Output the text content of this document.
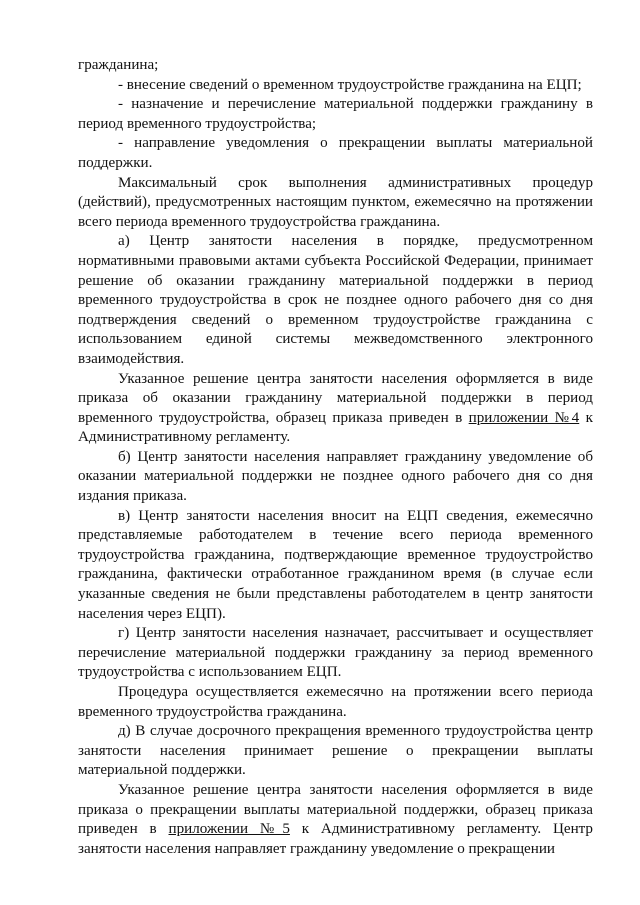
гражданина;

- внесение сведений о временном трудоустройстве гражданина на ЕЦП;

- назначение и перечисление материальной поддержки гражданину в период временного трудоустройства;

- направление уведомления о прекращении выплаты материальной поддержки.

Максимальный срок выполнения административных процедур (действий), предусмотренных настоящим пунктом, ежемесячно на протяжении всего периода временного трудоустройства гражданина.

а) Центр занятости населения в порядке, предусмотренном нормативными правовыми актами субъекта Российской Федерации, принимает решение об оказании гражданину материальной поддержки в период временного трудоустройства в срок не позднее одного рабочего дня со дня подтверждения сведений о временном трудоустройстве гражданина с использованием единой системы межведомственного электронного взаимодействия.

Указанное решение центра занятости населения оформляется в виде приказа об оказании гражданину материальной поддержки в период временного трудоустройства, образец приказа приведен в приложении №4 к Административному регламенту.

б) Центр занятости населения направляет гражданину уведомление об оказании материальной поддержки не позднее одного рабочего дня со дня издания приказа.

в) Центр занятости населения вносит на ЕЦП сведения, ежемесячно представляемые работодателем в течение всего периода временного трудоустройства гражданина, подтверждающие временное трудоустройство гражданина, фактически отработанное гражданином время (в случае если указанные сведения не были представлены работодателем в центр занятости населения через ЕЦП).

г) Центр занятости населения назначает, рассчитывает и осуществляет перечисление материальной поддержки гражданину за период временного трудоустройства с использованием ЕЦП.

Процедура осуществляется ежемесячно на протяжении всего периода временного трудоустройства гражданина.

д) В случае досрочного прекращения временного трудоустройства центр занятости населения принимает решение о прекращении выплаты материальной поддержки.

Указанное решение центра занятости населения оформляется в виде приказа о прекращении выплаты материальной поддержки, образец приказа приведен в приложении №5 к Административному регламенту. Центр занятости населения направляет гражданину уведомление о прекращении
